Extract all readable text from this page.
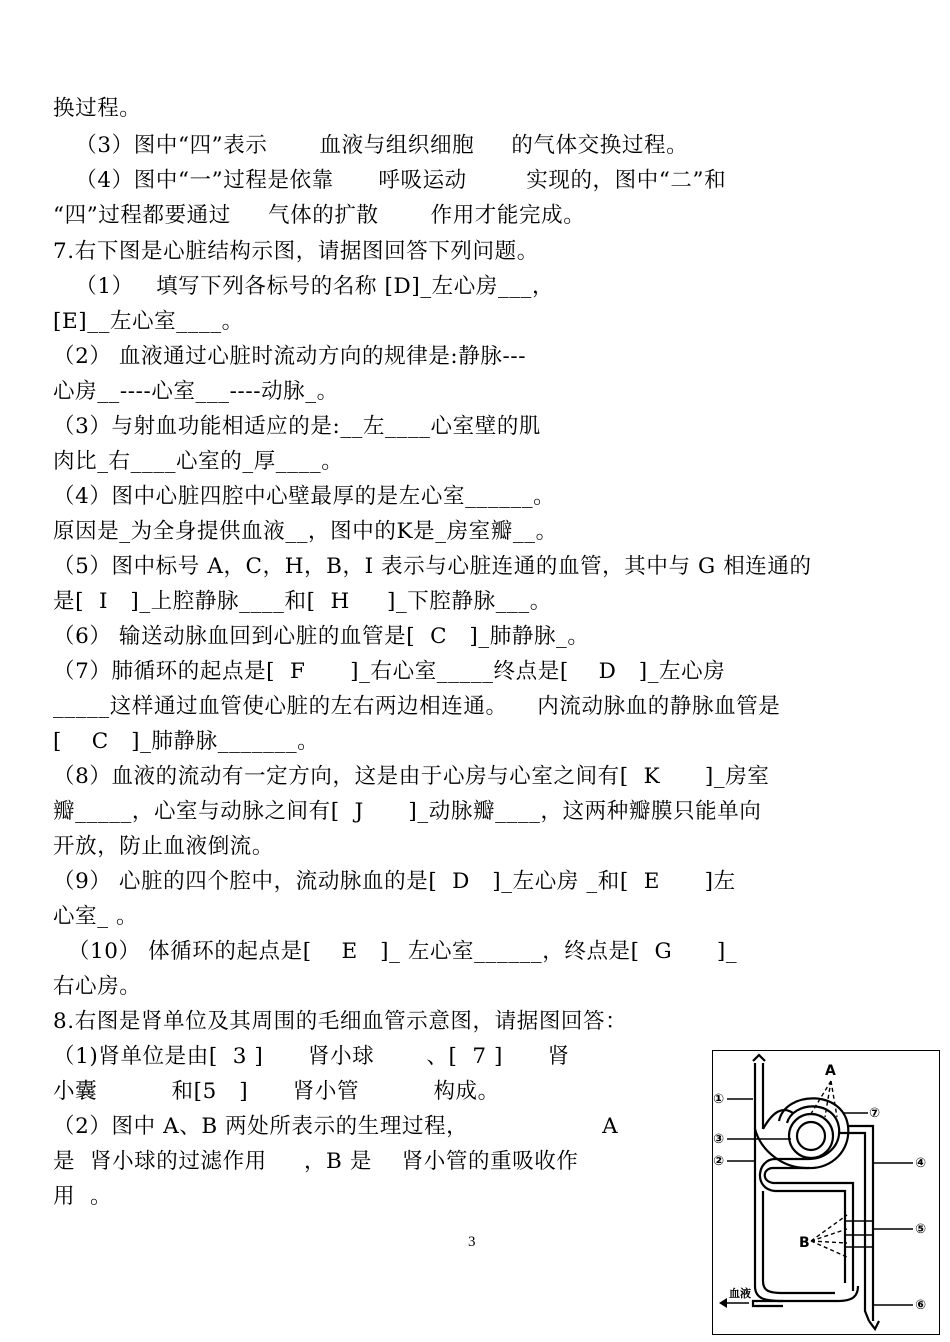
换过程。
（3）图中“四”表示       血液与组织细胞     的气体交换过程。
（4）图中“一”过程是依靠      呼吸运动        实现的，图中“二”和
“四”过程都要通过     气体的扩散       作用才能完成。
7.右下图是心脏结构示图，请据图回答下列问题。
（1）   填写下列各标号的名称 [D]_左心房___，
[E]__左心室____。
（2） 血液通过心脏时流动方向的规律是:静脉---
心房__----心室___----动脉_。
（3）与射血功能相适应的是:__左____心室壁的肌
肉比_右____心室的_厚____。
（4）图中心脏四腔中心壁最厚的是左心室______。
原因是_为全身提供血液__，图中的K是_房室瓣__。
（5）图中标号 A，C，H，B，I 表示与心脏连通的血管，其中与 G 相连通的
是[  I   ]_上腔静脉____和[  H     ]_下腔静脉___。
（6） 输送动脉血回到心脏的血管是[  C   ]_肺静脉_。
（7）肺循环的起点是[  F      ]_右心室_____终点是[    D   ]_左心房
_____这样通过血管使心脏的左右两边相连通。    内流动脉血的静脉血管是
[    C   ]_肺静脉_______。
（8）血液的流动有一定方向，这是由于心房与心室之间有[  K      ]_房室
瓣_____，心室与动脉之间有[  J      ]_动脉瓣____，这两种瓣膜只能单向
开放，防止血液倒流。
（9） 心脏的四个腔中，流动脉血的是[  D   ]_左心房 _和[  E      ]左
心室_ 。
（10） 体循环的起点是[    E   ]_ 左心室______，终点是[  G      ]_
右心房。
8.右图是肾单位及其周围的毛细血管示意图，请据图回答：
（1)肾单位是由[  3 ]      肾小球       、[  7 ]      肾
小囊          和[5   ]      肾小管          构成。
（2）图中 A、B 两处所表示的生理过程，                  A
是  肾小球的过滤作用     ，B 是    肾小管的重吸收作
用  。
3
A
B
血液
①
②
③
④
⑤
⑥
⑦
